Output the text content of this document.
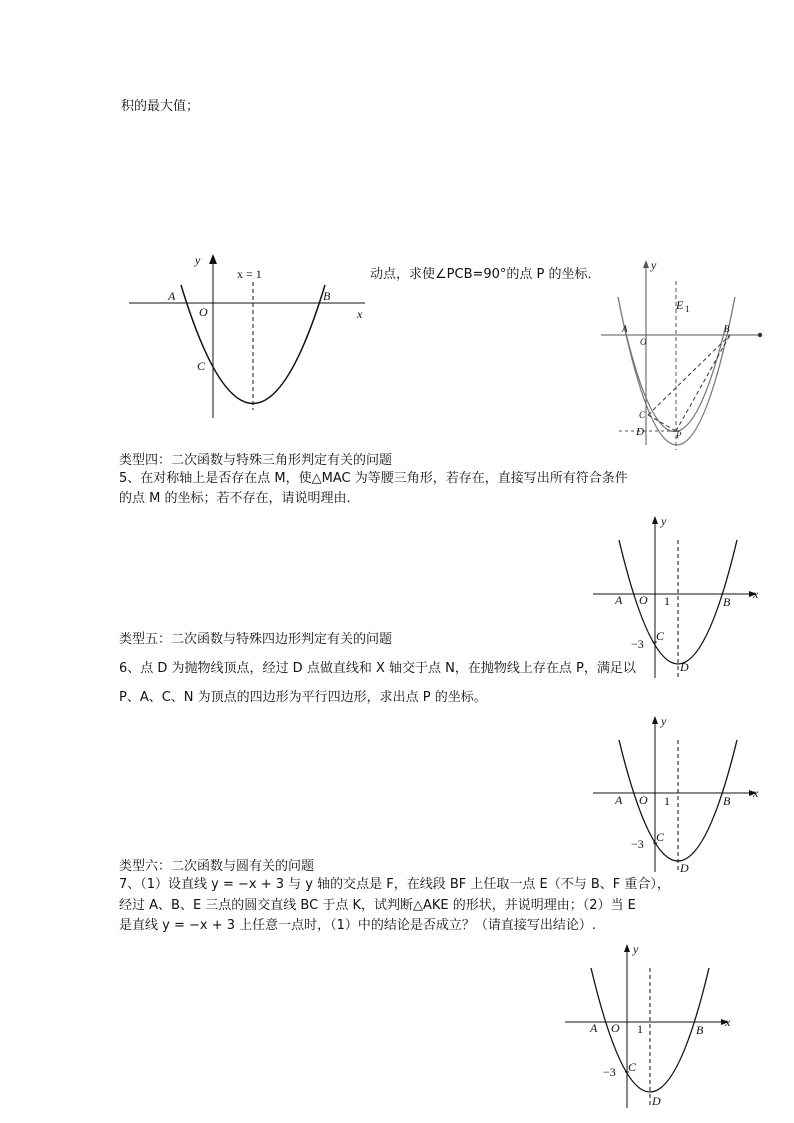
积的最大值；

动点，求使∠PCB=90°的点 P 的坐标．

类型四：二次函数与特殊三角形判定有关的问题

5、在对称轴上是否存在点 M，使△MAC 为等腰三角形，若存在，直接写出所有符合条件

的点 M 的坐标；若不存在，请说明理由．

类型五：二次函数与特殊四边形判定有关的问题

6、点 D 为抛物线顶点，经过 D 点做直线和 X 轴交于点 N，在抛物线上存在点 P，满足以

P、A、C、N 为顶点的四边形为平行四边形，求出点 P 的坐标。

类型六：二次函数与圆有关的问题

7、（1）设直线 y = −x + 3 与 y 轴的交点是 F，在线段 BF 上任取一点 E（不与 B、F 重合），

经过 A、B、E 三点的圆交直线 BC 于点 K，试判断△AKE 的形状，并说明理由；（2）当 E

是直线 y = −x + 3 上任意一点时，（1）中的结论是否成立？（请直接写出结论）.

y
x
x = 1
A	B
O
C
y
E 1
A	B
O
C
D	P
y
x
A O 1	B
−3
C
D
y
x
A O 1	B
−3 C
D
y
x
A O 1	B
−3 C
D
